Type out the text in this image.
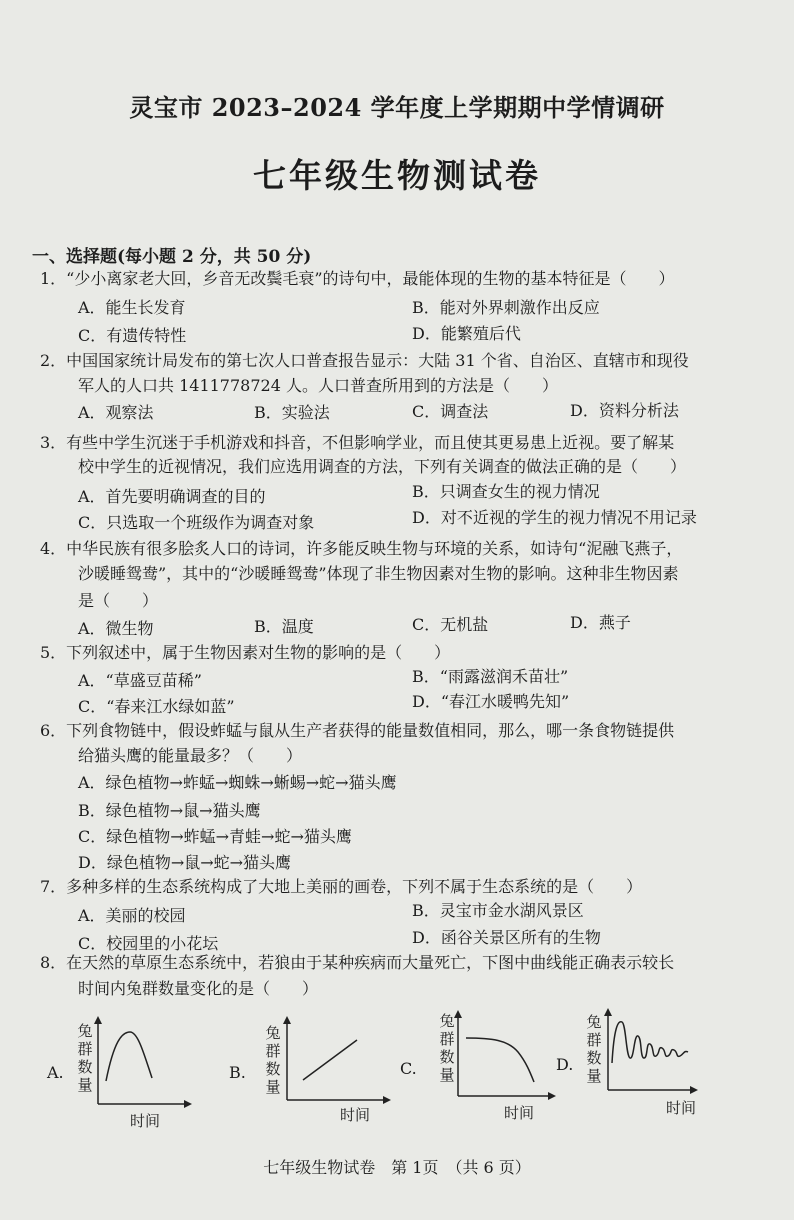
灵宝市 2023–2024 学年度上学期期中学情调研
七年级生物测试卷
一、选择题(每小题 2 分，共 50 分)
1．“少小离家老大回，乡音无改鬓毛衰”的诗句中，最能体现的生物的基本特征是（　　）
A．能生长发育	B．能对外界刺激作出反应
C．有遗传特性	D．能繁殖后代
2．中国国家统计局发布的第七次人口普查报告显示：大陆 31 个省、自治区、直辖市和现役
军人的人口共 1411778724 人。人口普查所用到的方法是（　　）
A．观察法	B．实验法	C．调查法	D．资料分析法
3．有些中学生沉迷于手机游戏和抖音，不但影响学业，而且使其更易患上近视。要了解某
校中学生的近视情况，我们应选用调查的方法，下列有关调查的做法正确的是（　　）
A．首先要明确调查的目的	B．只调查女生的视力情况
C．只选取一个班级作为调查对象	D．对不近视的学生的视力情况不用记录
4．中华民族有很多脍炙人口的诗词，许多能反映生物与环境的关系，如诗句“泥融飞燕子，
沙暖睡鸳鸯”，其中的“沙暖睡鸳鸯”体现了非生物因素对生物的影响。这种非生物因素
是（　　）
A．微生物	B．温度	C．无机盐	D．燕子
5．下列叙述中，属于生物因素对生物的影响的是（　　）
A．“草盛豆苗稀”	B．“雨露滋润禾苗壮”
C．“春来江水绿如蓝”	D．“春江水暖鸭先知”
6．下列食物链中，假设蚱蜢与鼠从生产者获得的能量数值相同，那么，哪一条食物链提供
给猫头鹰的能量最多？（　　）
A．绿色植物→蚱蜢→蜘蛛→蜥蜴→蛇→猫头鹰
B．绿色植物→鼠→猫头鹰
C．绿色植物→蚱蜢→青蛙→蛇→猫头鹰
D．绿色植物→鼠→蛇→猫头鹰
7．多种多样的生态系统构成了大地上美丽的画卷，下列不属于生态系统的是（　　）
A．美丽的校园	B．灵宝市金水湖风景区
C．校园里的小花坛	D．函谷关景区所有的生物
8．在天然的草原生态系统中，若狼由于某种疾病而大量死亡，下图中曲线能正确表示较长
时间内兔群数量变化的是（　　）
A.
兔群数量
时间
B.
兔群数量
时间
C.
兔群数量
时间
D.
兔群数量
时间
七年级生物试卷　第 1页　（共 6 页）
